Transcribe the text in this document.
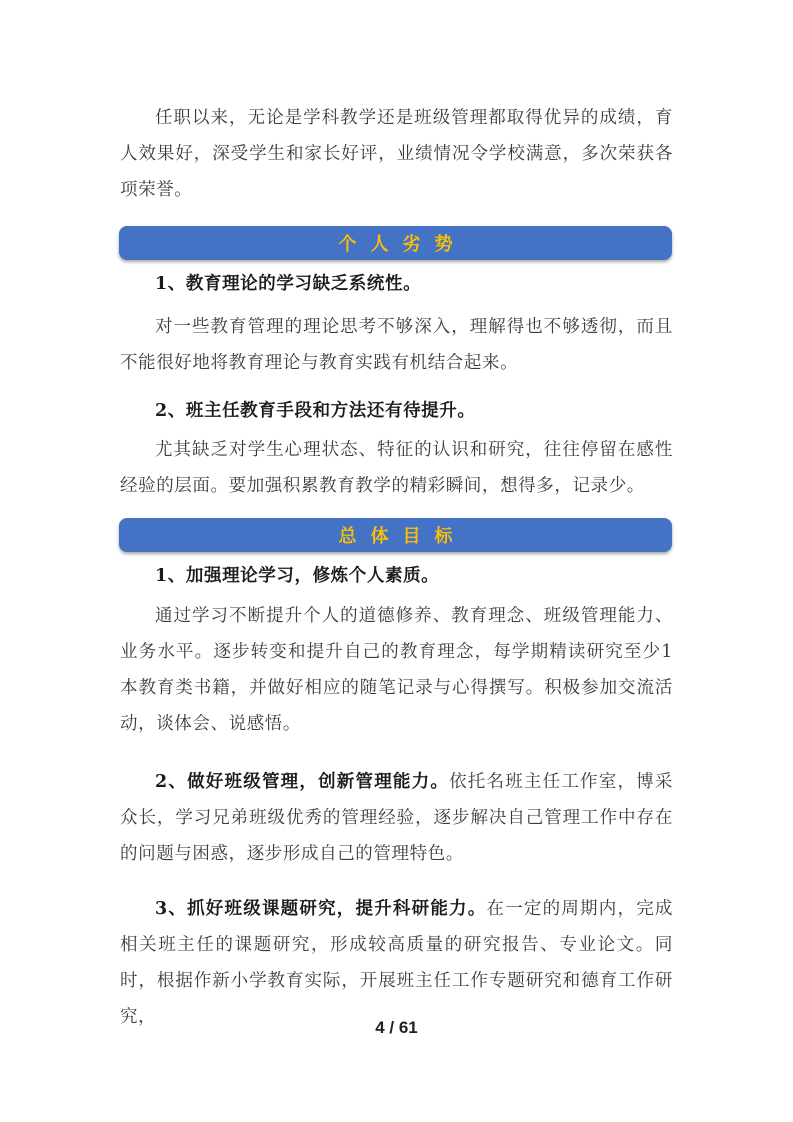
任职以来，无论是学科教学还是班级管理都取得优异的成绩，育人效果好，深受学生和家长好评，业绩情况令学校满意，多次荣获各项荣誉。

个人劣势

1、教育理论的学习缺乏系统性。

对一些教育管理的理论思考不够深入，理解得也不够透彻，而且不能很好地将教育理论与教育实践有机结合起来。

2、班主任教育手段和方法还有待提升。

尤其缺乏对学生心理状态、特征的认识和研究，往往停留在感性经验的层面。要加强积累教育教学的精彩瞬间，想得多，记录少。

总体目标

1、加强理论学习，修炼个人素质。

通过学习不断提升个人的道德修养、教育理念、班级管理能力、业务水平。逐步转变和提升自己的教育理念，每学期精读研究至少1本教育类书籍，并做好相应的随笔记录与心得撰写。积极参加交流活动，谈体会、说感悟。

2、做好班级管理，创新管理能力。依托名班主任工作室，博采众长，学习兄弟班级优秀的管理经验，逐步解决自己管理工作中存在的问题与困惑，逐步形成自己的管理特色。

3、抓好班级课题研究，提升科研能力。在一定的周期内，完成相关班主任的课题研究，形成较高质量的研究报告、专业论文。同时，根据作新小学教育实际，开展班主任工作专题研究和德育工作研究，

4 / 61
